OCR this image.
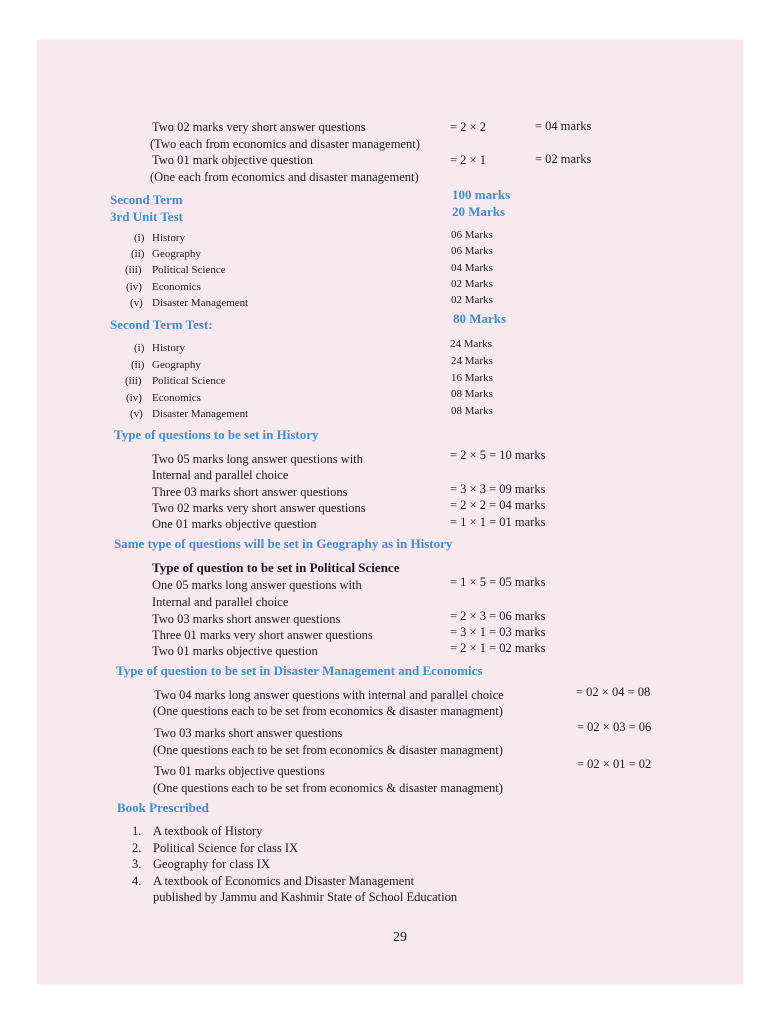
Two 02 marks very short answer questions	= 2 × 2	= 04 marks
(Two each from economics and disaster management)
Two 01 mark objective question	= 2 × 1	= 02 marks
(One each from economics and disaster management)
Second Term	100 marks
3rd Unit Test	20 Marks
(i) History	06 Marks
(ii) Geography	06 Marks
(iii) Political Science	04 Marks
(iv) Economics	02 Marks
(v) Disaster Management	02 Marks
Second Term Test:	80 Marks
(i) History	24 Marks
(ii) Geography	24 Marks
(iii) Political Science	16 Marks
(iv) Economics	08 Marks
(v) Disaster Management	08 Marks
Type of questions to be set in History
Two 05 marks long answer questions with	= 2 × 5 = 10 marks
Internal and parallel choice
Three 03 marks short answer questions	= 3 × 3 = 09 marks
Two 02 marks very short answer questions	= 2 × 2 = 04 marks
One 01 marks objective question	= 1 × 1 = 01 marks
Same type of questions will be set in Geography as in History
Type of question to be set in Political Science
One 05 marks long answer questions with	= 1 × 5 = 05 marks
Internal and parallel choice
Two 03 marks short answer questions	= 2 × 3 = 06 marks
Three 01 marks very short answer questions	= 3 × 1 = 03 marks
Two 01 marks objective question	= 2 × 1 = 02 marks
Type of question to be set in Disaster Management and Economics
Two 04 marks long answer questions with internal and parallel choice	= 02 × 04 = 08
(One questions each to be set from economics & disaster managment)
Two 03 marks short answer questions	= 02 × 03 = 06
(One questions each to be set from economics & disaster managment)
Two 01 marks objective questions	= 02 × 01 = 02
(One questions each to be set from economics & disaster managment)
Book Prescribed
1. A textbook of History
2. Political Science for class IX
3. Geography for class IX
4. A textbook of Economics and Disaster Management
published by Jammu and Kashmir State of School Education
29
